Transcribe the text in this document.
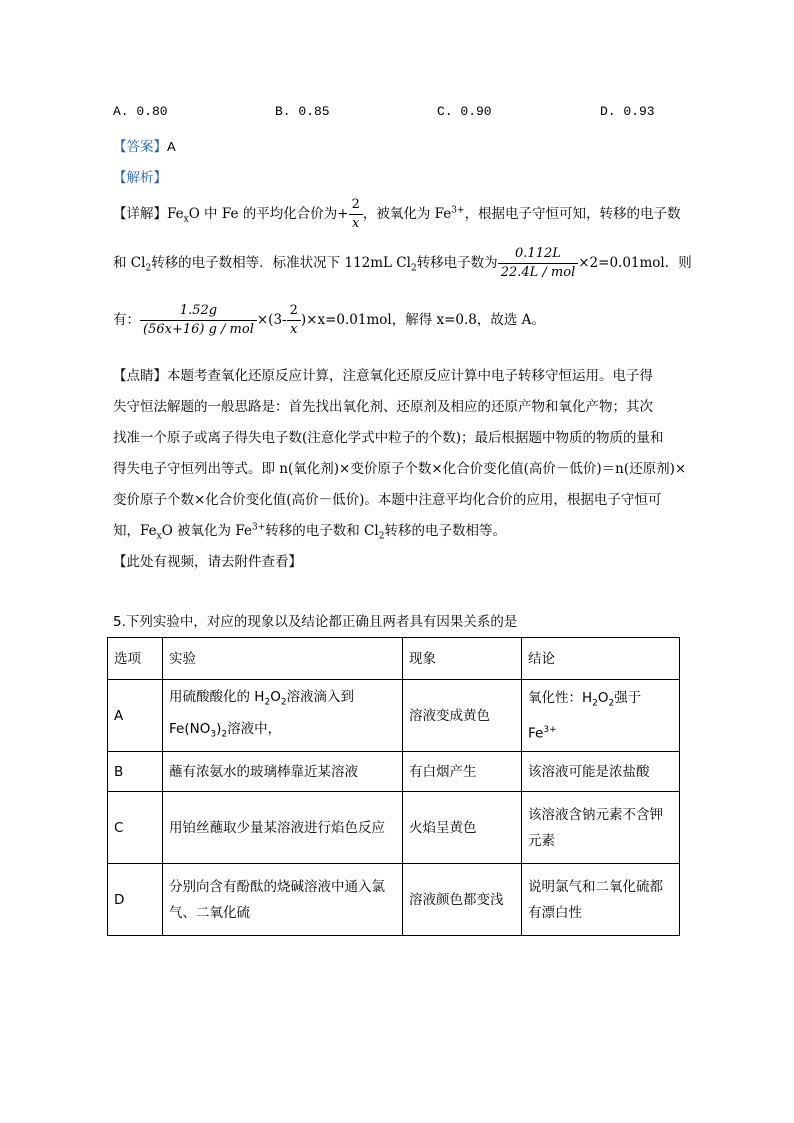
A. 0.80	B. 0.85	C. 0.90	D. 0.93
【答案】A
【解析】
【详解】$Fe_xO$ 中 Fe 的平均化合价为+ $\frac{2}{x}$ ，被氧化为 $Fe^{3+}$，根据电子守恒可知，转移的电子数
和 $Cl_2$转移的电子数相等．标准状况下 112mL $Cl_2$转移电子数为 $\frac{0.112L}{\text{22.4L / mol}} \times 2=0.01mol$．则
有： $\frac{1.52g}{\text{(56x+16) g / mol}} \times(3- \frac{2}{x} )\times x=0.01mol$，解得 x=0.8，故选 A。
【点睛】本题考查氧化还原反应计算，注意氧化还原反应计算中电子转移守恒运用。电子得
失守恒法解题的一般思路是：首先找出氧化剂、还原剂及相应的还原产物和氧化产物；其次
找准一个原子或离子得失电子数(注意化学式中粒子的个数)；最后根据题中物质的物质的量和
得失电子守恒列出等式。即 n(氧化剂)×变价原子个数×化合价变化值(高价－低价)＝n(还原剂)×
变价原子个数×化合价变化值(高价－低价)。本题中注意平均化合价的应用，根据电子守恒可
知，$Fe_xO$ 被氧化为 $Fe^{3+}$转移的电子数和 $Cl_2$转移的电子数相等。
【此处有视频，请去附件查看】
5.下列实验中，对应的现象以及结论都正确且两者具有因果关系的是
选项	实验	现象	结论
A	用硫酸酸化的 $H_2O_2$溶液滴入到
$Fe(NO_3)_2$溶液中，	溶液变成黄色	氧化性：$H_2O_2$强于 $Fe^{3+}$
B	蘸有浓氨水的玻璃棒靠近某溶液	有白烟产生	该溶液可能是浓盐酸
C	用铂丝蘸取少量某溶液进行焰色反应	火焰呈黄色	该溶液含钠元素不含钾元素
D	分别向含有酚酞的烧碱溶液中通入氯气、二氧化硫	溶液颜色都变浅	说明氯气和二氧化硫都有漂白性
